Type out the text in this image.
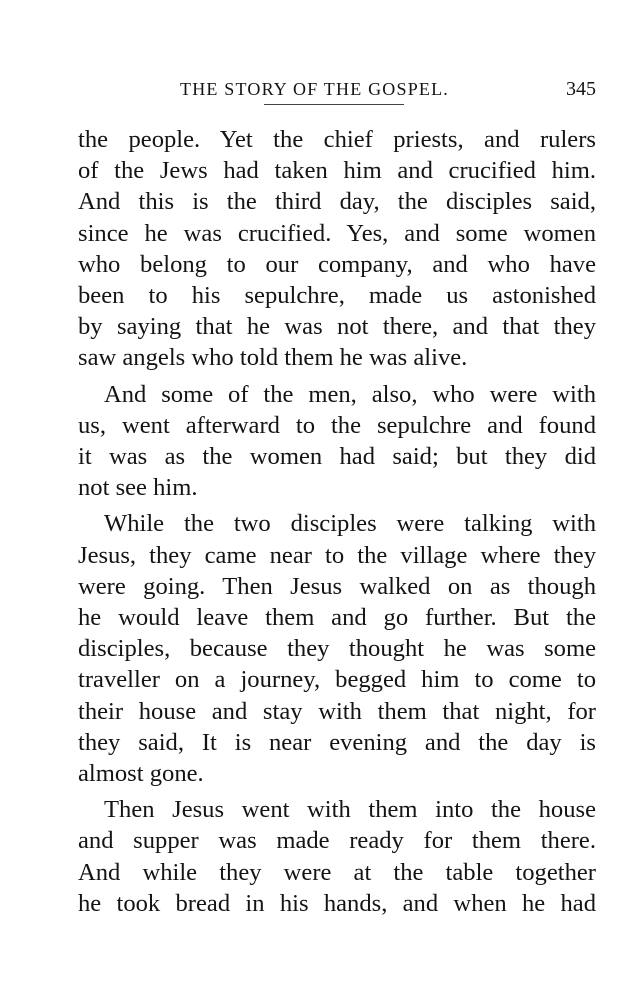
THE STORY OF THE GOSPEL.	345

the people. Yet the chief priests, and rulers
of the Jews had taken him and crucified him.
And this is the third day, the disciples said,
since he was crucified. Yes, and some women
who belong to our company, and who have
been to his sepulchre, made us astonished
by saying that he was not there, and that they
saw angels who told them he was alive.

And some of the men, also, who were with
us, went afterward to the sepulchre and found
it was as the women had said; but they did
not see him.

While the two disciples were talking with
Jesus, they came near to the village where they
were going. Then Jesus walked on as though
he would leave them and go further. But the
disciples, because they thought he was some
traveller on a journey, begged him to come to
their house and stay with them that night, for
they said, It is near evening and the day is
almost gone.

Then Jesus went with them into the house
and supper was made ready for them there.
And while they were at the table together
he took bread in his hands, and when he had
